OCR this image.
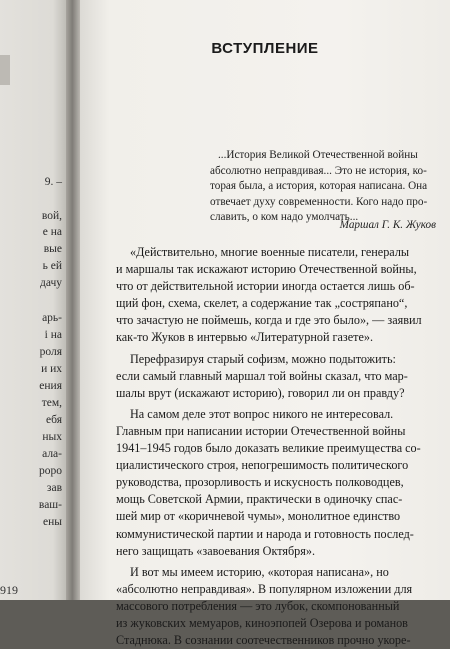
9. –
вой,
е на
вые
ь ей
дачу
арь-
і на
роля
и их
ения
тем,
ебя
ных
ала-
роро
зав
ваш-
ены
919
ВСТУПЛЕНИЕ
...История Великой Отечественной войны
абсолютно неправдивая... Это не история, ко-
торая была, а история, которая написана. Она
отвечает духу современности. Кого надо про-
славить, о ком надо умолчать...
Маршал Г. К. Жуков
«Действительно, многие военные писатели, генералы
и маршалы так искажают историю Отечественной войны,
что от действительной истории иногда остается лишь об-
щий фон, схема, скелет, а содержание так „состряпано“,
что зачастую не поймешь, когда и где это было», — заявил
как-то Жуков в интервью «Литературной газете».
Перефразируя старый софизм, можно подытожить:
если самый главный маршал той войны сказал, что мар-
шалы врут (искажают историю), говорил ли он правду?
На самом деле этот вопрос никого не интересовал.
Главным при написании истории Отечественной войны
1941–1945 годов было доказать великие преимущества со-
циалистического строя, непогрешимость политического
руководства, прозорливость и искусность полководцев,
мощь Советской Армии, практически в одиночку спас-
шей мир от «коричневой чумы», монолитное единство
коммунистической партии и народа и готовность послед-
него защищать «завоевания Октября».
И вот мы имеем историю, «которая написана», но
«абсолютно неправдивая». В популярном изложении для
массового потребления — это лубок, скомпонованный
из жуковских мемуаров, киноэпопей Озерова и романов
Стаднюка. В сознании соотечественников прочно укоре-
